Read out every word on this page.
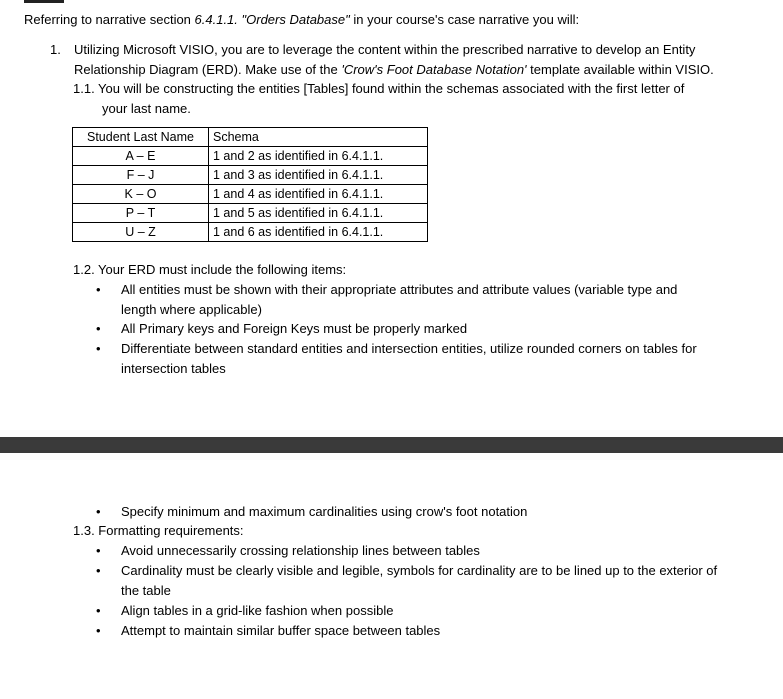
Referring to narrative section 6.4.1.1. "Orders Database" in your course's case narrative you will:
1. Utilizing Microsoft VISIO, you are to leverage the content within the prescribed narrative to develop an Entity
Relationship Diagram (ERD). Make use of the 'Crow's Foot Database Notation' template available within VISIO.
1.1. You will be constructing the entities [Tables] found within the schemas associated with the first letter of
your last name.
Student Last Name	Schema
A – E	1 and 2 as identified in 6.4.1.1.
F – J	1 and 3 as identified in 6.4.1.1.
K – O	1 and 4 as identified in 6.4.1.1.
P – T	1 and 5 as identified in 6.4.1.1.
U – Z	1 and 6 as identified in 6.4.1.1.
1.2. Your ERD must include the following items:
• All entities must be shown with their appropriate attributes and attribute values (variable type and
length where applicable)
• All Primary keys and Foreign Keys must be properly marked
• Differentiate between standard entities and intersection entities, utilize rounded corners on tables for
intersection tables
• Specify minimum and maximum cardinalities using crow's foot notation
1.3. Formatting requirements:
• Avoid unnecessarily crossing relationship lines between tables
• Cardinality must be clearly visible and legible, symbols for cardinality are to be lined up to the exterior of
the table
• Align tables in a grid-like fashion when possible
• Attempt to maintain similar buffer space between tables
